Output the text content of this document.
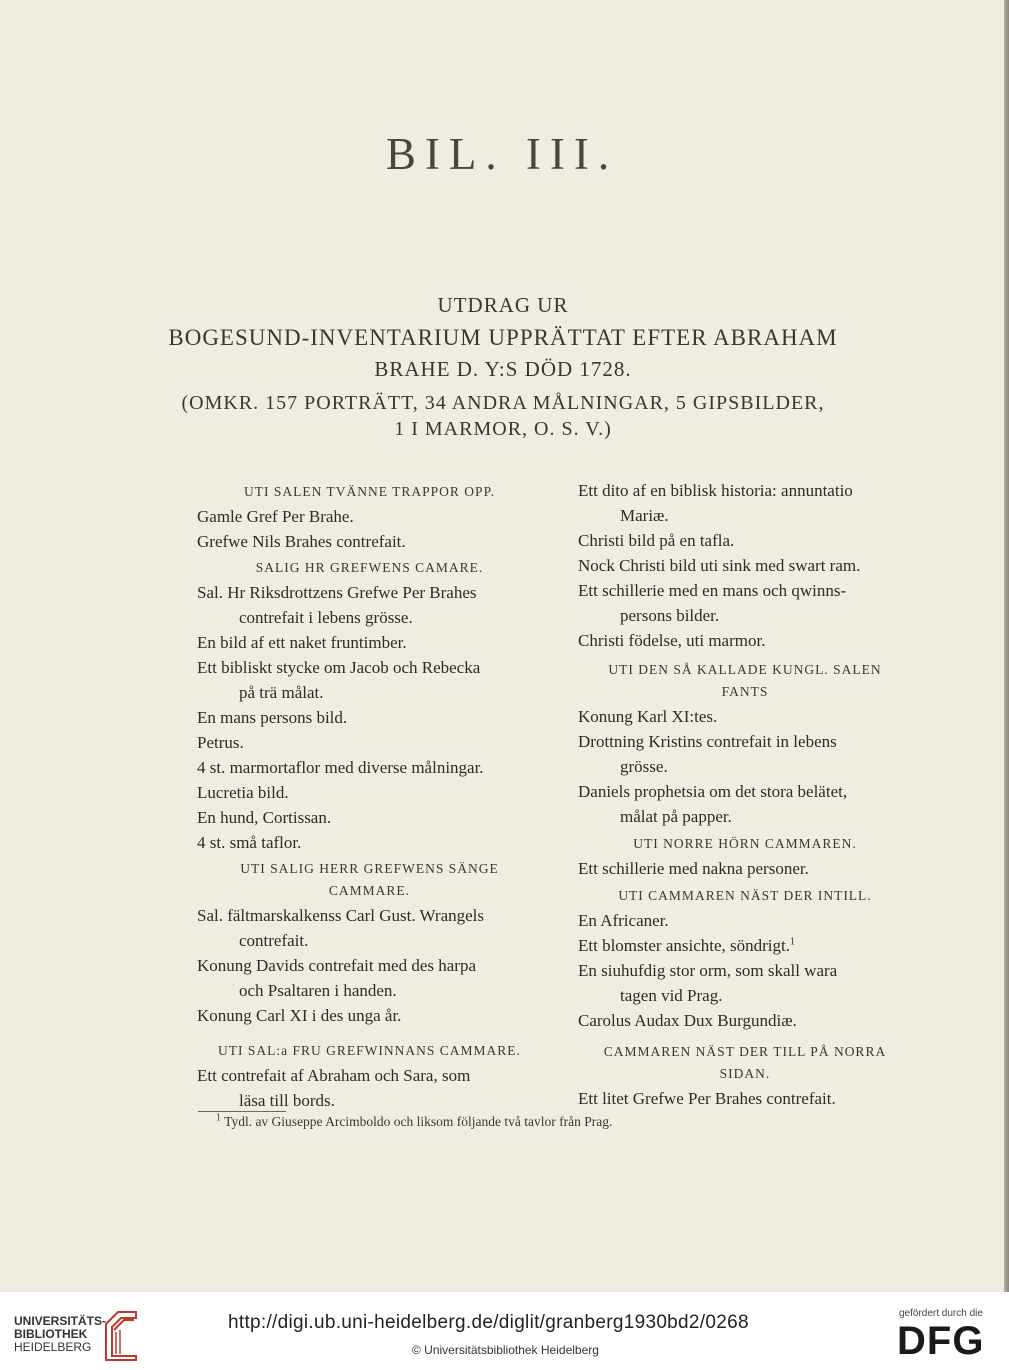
BIL. III.
UTDRAG UR
BOGESUND-INVENTARIUM UPPRÄTTAT EFTER ABRAHAM
BRAHE D. Y:S DÖD 1728.
(OMKR. 157 PORTRÄTT, 34 ANDRA MÅLNINGAR, 5 GIPSBILDER,
1 I MARMOR, O. S. V.)
UTI SALEN TVÄNNE TRAPPOR OPP.
Gamle Gref Per Brahe.
Grefwe Nils Brahes contrefait.
SALIG HR GREFWENS CAMARE.
Sal. Hr Riksdrottzens Grefwe Per Brahes
contrefait i lebens grösse.
En bild af ett naket fruntimber.
Ett bibliskt stycke om Jacob och Rebecka
på trä målat.
En mans persons bild.
Petrus.
4 st. marmortaflor med diverse målningar.
Lucretia bild.
En hund, Cortissan.
4 st. små taflor.
UTI SALIG HERR GREFWENS SÄNGE
CAMMARE.
Sal. fältmarskalkenss Carl Gust. Wrangels
contrefait.
Konung Davids contrefait med des harpa
och Psaltaren i handen.
Konung Carl XI i des unga år.
UTI SAL:a FRU GREFWINNANS CAMMARE.
Ett contrefait af Abraham och Sara, som
läsa till bords.
Ett dito af en biblisk historia: annuntatio
Mariæ.
Christi bild på en tafla.
Nock Christi bild uti sink med swart ram.
Ett schillerie med en mans och qwinns-
persons bilder.
Christi födelse, uti marmor.
UTI DEN SÅ KALLADE KUNGL. SALEN
FANTS
Konung Karl XI:tes.
Drottning Kristins contrefait in lebens
grösse.
Daniels prophetsia om det stora belätet,
målat på papper.
UTI NORRE HÖRN CAMMAREN.
Ett schillerie med nakna personer.
UTI CAMMAREN NÄST DER INTILL.
En Africaner.
Ett blomster ansichte, söndrigt.$^1$
En siuhufdig stor orm, som skall wara
tagen vid Prag.
Carolus Audax Dux Burgundiæ.
CAMMAREN NÄST DER TILL PÅ NORRA
SIDAN.
Ett litet Grefwe Per Brahes contrefait.
$^1$ Tydl. av Giuseppe Arcimboldo och liksom följande två tavlor från Prag.
UNIVERSITÄTS-
BIBLIOTHEK
HEIDELBERG
http://digi.ub.uni-heidelberg.de/diglit/granberg1930bd2/0268
© Universitätsbibliothek Heidelberg
gefördert durch die
DFG
